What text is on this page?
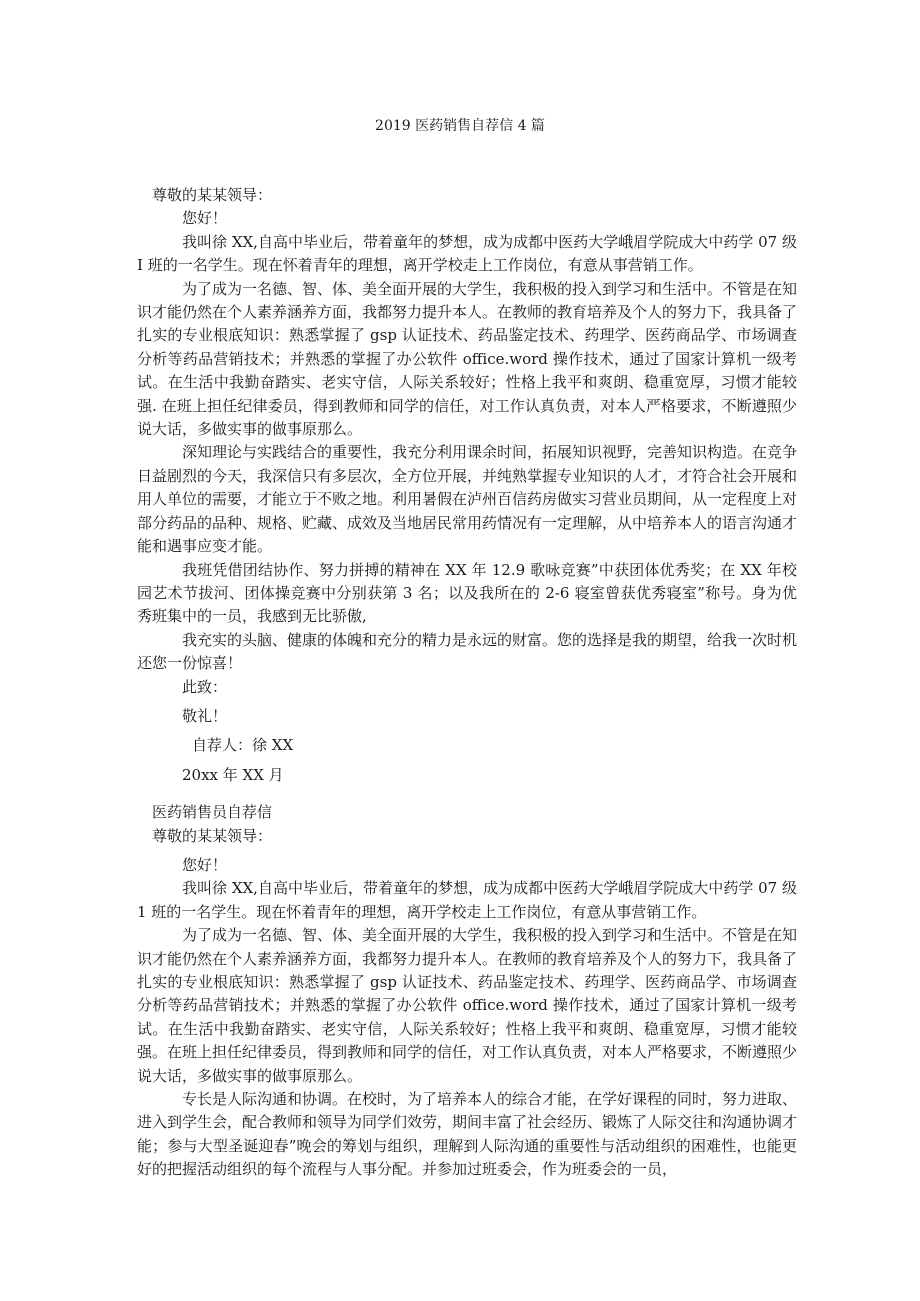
2019 医药销售自荐信 4 篇

尊敬的某某领导：

您好！

我叫徐 XX,自高中毕业后，带着童年的梦想，成为成都中医药大学峨眉学院成大中药学 07 级 I 班的一名学生。现在怀着青年的理想，离开学校走上工作岗位，有意从事营销工作。

为了成为一名德、智、体、美全面开展的大学生，我积极的投入到学习和生活中。不管是在知识才能仍然在个人素养涵养方面，我都努力提升本人。在教师的教育培养及个人的努力下，我具备了扎实的专业根底知识：熟悉掌握了 gsp 认证技术、药品鉴定技术、药理学、医药商品学、市场调查分析等药品营销技术；并熟悉的掌握了办公软件 office.word 操作技术，通过了国家计算机一级考试。在生活中我勤奋踏实、老实守信，人际关系较好；性格上我平和爽朗、稳重宽厚，习惯才能较强. 在班上担任纪律委员，得到教师和同学的信任，对工作认真负责，对本人严格要求，不断遵照少说大话，多做实事的做事原那么。

深知理论与实践结合的重要性，我充分利用课余时间，拓展知识视野，完善知识构造。在竞争日益剧烈的今天，我深信只有多层次，全方位开展，并纯熟掌握专业知识的人才，才符合社会开展和用人单位的需要，才能立于不败之地。利用暑假在泸州百信药房做实习营业员期间，从一定程度上对部分药品的品种、规格、贮藏、成效及当地居民常用药情况有一定理解，从中培养本人的语言沟通才能和遇事应变才能。

我班凭借团结协作、努力拼搏的精神在 XX 年 12.9 歌咏竞赛”中获团体优秀奖；在 XX 年校园艺术节拔河、团体操竞赛中分别获第 3 名；以及我所在的 2-6 寝室曾获优秀寝室”称号。身为优秀班集中的一员，我感到无比骄傲,

我充实的头脑、健康的体魄和充分的精力是永远的财富。您的选择是我的期望，给我一次时机还您一份惊喜！

此致：

敬礼！

自荐人：徐 XX

20xx 年 XX 月

医药销售员自荐信

尊敬的某某领导：

您好！

我叫徐 XX,自高中毕业后，带着童年的梦想，成为成都中医药大学峨眉学院成大中药学 07 级 1 班的一名学生。现在怀着青年的理想，离开学校走上工作岗位，有意从事营销工作。

为了成为一名德、智、体、美全面开展的大学生，我积极的投入到学习和生活中。不管是在知识才能仍然在个人素养涵养方面，我都努力提升本人。在教师的教育培养及个人的努力下，我具备了扎实的专业根底知识：熟悉掌握了 gsp 认证技术、药品鉴定技术、药理学、医药商品学、市场调查分析等药品营销技术；并熟悉的掌握了办公软件 office.word 操作技术，通过了国家计算机一级考试。在生活中我勤奋踏实、老实守信，人际关系较好；性格上我平和爽朗、稳重宽厚，习惯才能较强。在班上担任纪律委员，得到教师和同学的信任，对工作认真负责，对本人严格要求，不断遵照少说大话，多做实事的做事原那么。

专长是人际沟通和协调。在校时，为了培养本人的综合才能，在学好课程的同时，努力进取、进入到学生会，配合教师和领导为同学们效劳，期间丰富了社会经历、锻炼了人际交往和沟通协调才能；参与大型圣诞迎春”晚会的筹划与组织，理解到人际沟通的重要性与活动组织的困难性，也能更好的把握活动组织的每个流程与人事分配。并参加过班委会，作为班委会的一员，
